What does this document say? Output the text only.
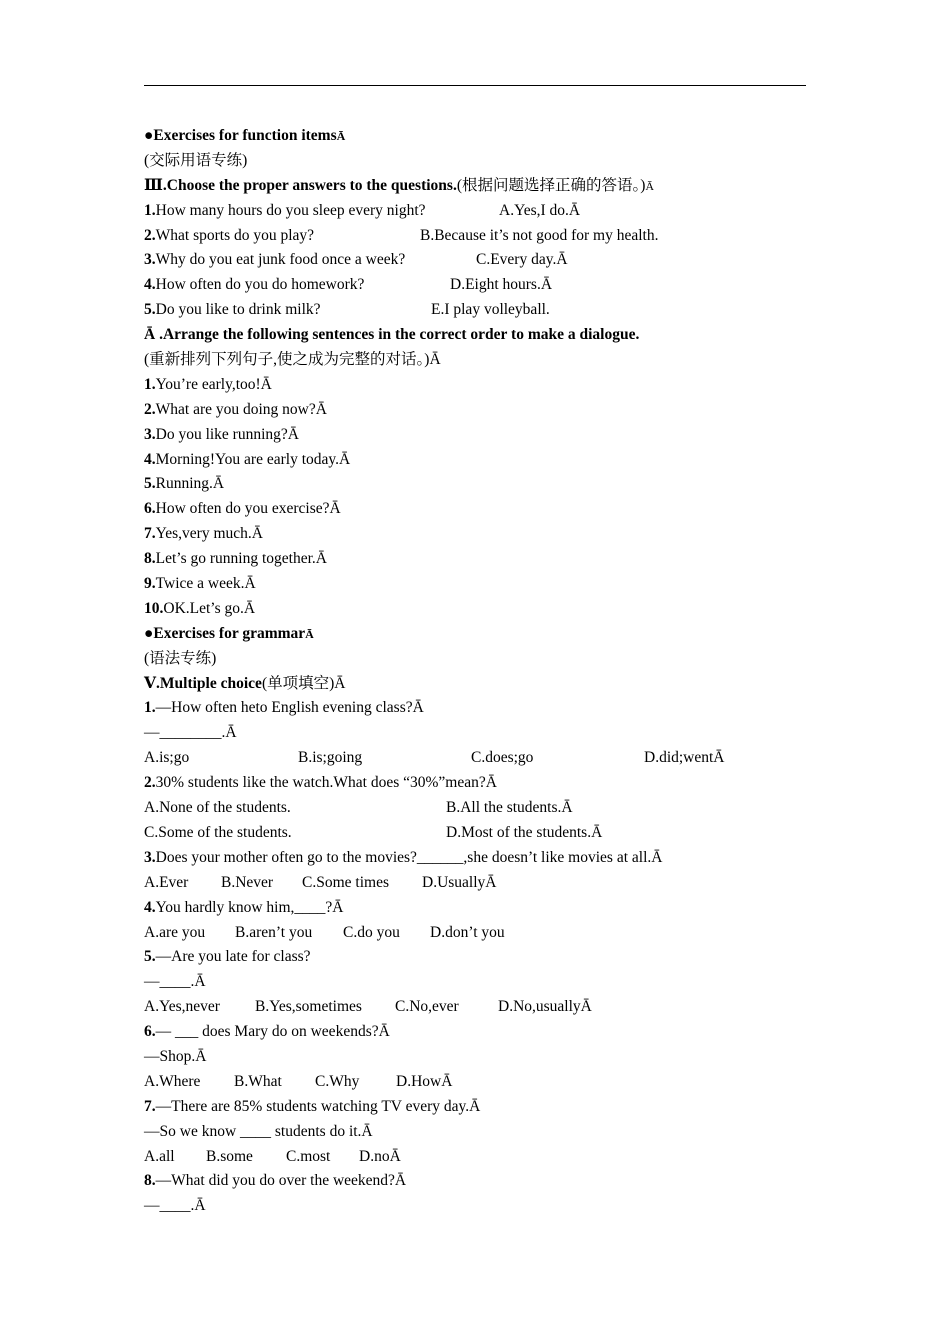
●Exercises for function itemsĀ
(交际用语专练)
Ⅲ.Choose the proper answers to the questions.(根据问题选择正确的答语。)Ā
1.How many hours do you sleep every night?	A.Yes,I do.Ā
2.What sports do you play?	B.Because it’s not good for my health.
3.Why do you eat junk food once a week?	C.Every day.Ā
4.How often do you do homework?	D.Eight hours.Ā
5.Do you like to drink milk?	E.I play volleyball.
Ā .Arrange the following sentences in the correct order to make a dialogue.
(重新排列下列句子,使之成为完整的对话。)Ā
1.You’re early,too!Ā
2.What are you doing now?Ā
3.Do you like running?Ā
4.Morning!You are early today.Ā
5.Running.Ā
6.How often do you exercise?Ā
7.Yes,very much.Ā
8.Let’s go running together.Ā
9.Twice a week.Ā
10.OK.Let’s go.Ā
●Exercises for grammarĀ
(语法专练)
Ⅴ.Multiple choice(单项填空)Ā
1.—How often heto English evening class?Ā
—________.Ā
A.is;go	B.is;going	C.does;go	D.did;wentĀ
2.30% students like the watch.What does “30%”mean?Ā
A.None of the students.	B.All the students.Ā
C.Some of the students.	D.Most of the students.Ā
3.Does your mother often go to the movies?______,she doesn’t like movies at all.Ā
A.Ever B.Never C.Some times D.UsuallyĀ
4.You hardly know him,____?Ā
A.are you B.aren’t you C.do you D.don’t you
5.—Are you late for class?
—____.Ā
A.Yes,never B.Yes,sometimes C.No,ever	D.No,usuallyĀ
6.— ___ does Mary do on weekends?Ā
—Shop.Ā
A.Where B.What C.Why D.HowĀ
7.—There are 85% students watching TV every day.Ā
—So we know ____ students do it.Ā
A.all B.some C.most D.noĀ
8.—What did you do over the weekend?Ā
—____.Ā
